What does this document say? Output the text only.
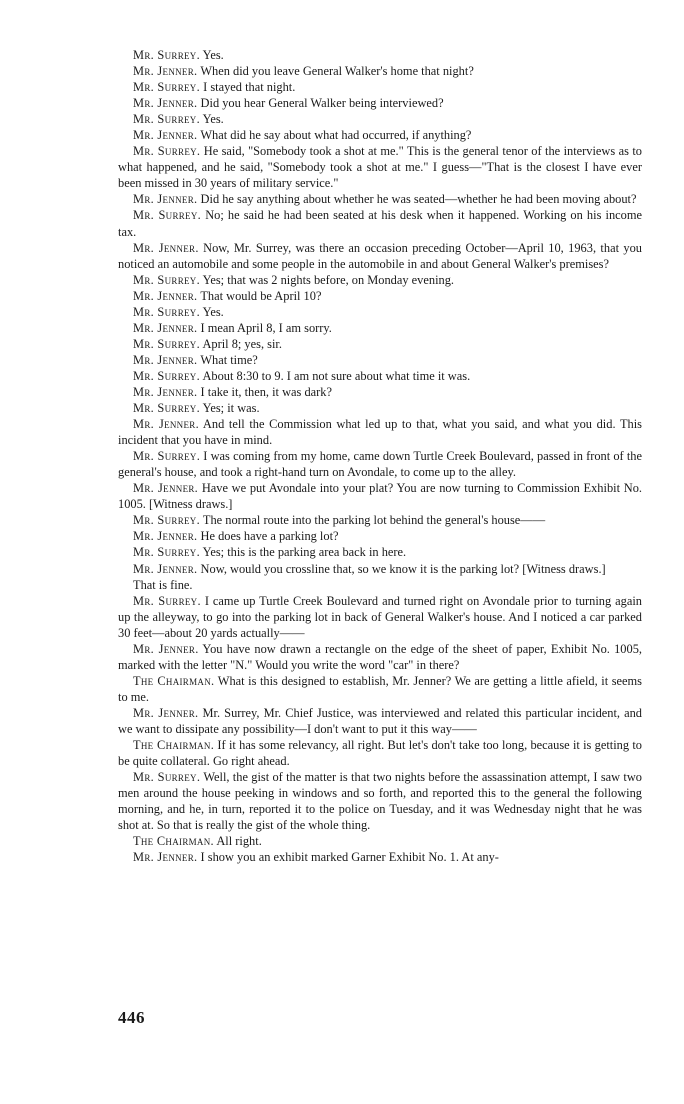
Mr. Surrey. Yes.

Mr. Jenner. When did you leave General Walker's home that night?

Mr. Surrey. I stayed that night.

Mr. Jenner. Did you hear General Walker being interviewed?

Mr. Surrey. Yes.

Mr. Jenner. What did he say about what had occurred, if anything?

Mr. Surrey. He said, "Somebody took a shot at me." This is the general tenor of the interviews as to what happened, and he said, "Somebody took a shot at me." I guess—"That is the closest I have ever been missed in 30 years of military service."

Mr. Jenner. Did he say anything about whether he was seated—whether he had been moving about?

Mr. Surrey. No; he said he had been seated at his desk when it happened. Working on his income tax.

Mr. Jenner. Now, Mr. Surrey, was there an occasion preceding October—April 10, 1963, that you noticed an automobile and some people in the automobile in and about General Walker's premises?

Mr. Surrey. Yes; that was 2 nights before, on Monday evening.

Mr. Jenner. That would be April 10?

Mr. Surrey. Yes.

Mr. Jenner. I mean April 8, I am sorry.

Mr. Surrey. April 8; yes, sir.

Mr. Jenner. What time?

Mr. Surrey. About 8:30 to 9. I am not sure about what time it was.

Mr. Jenner. I take it, then, it was dark?

Mr. Surrey. Yes; it was.

Mr. Jenner. And tell the Commission what led up to that, what you said, and what you did. This incident that you have in mind.

Mr. Surrey. I was coming from my home, came down Turtle Creek Boulevard, passed in front of the general's house, and took a right-hand turn on Avondale, to come up to the alley.

Mr. Jenner. Have we put Avondale into your plat? You are now turning to Commission Exhibit No. 1005. [Witness draws.]

Mr. Surrey. The normal route into the parking lot behind the general's house——

Mr. Jenner. He does have a parking lot?

Mr. Surrey. Yes; this is the parking area back in here.

Mr. Jenner. Now, would you crossline that, so we know it is the parking lot? [Witness draws.]

That is fine.

Mr. Surrey. I came up Turtle Creek Boulevard and turned right on Avondale prior to turning again up the alleyway, to go into the parking lot in back of General Walker's house. And I noticed a car parked 30 feet—about 20 yards actually——

Mr. Jenner. You have now drawn a rectangle on the edge of the sheet of paper, Exhibit No. 1005, marked with the letter "N." Would you write the word "car" in there?

The Chairman. What is this designed to establish, Mr. Jenner? We are getting a little afield, it seems to me.

Mr. Jenner. Mr. Surrey, Mr. Chief Justice, was interviewed and related this particular incident, and we want to dissipate any possibility—I don't want to put it this way——

The Chairman. If it has some relevancy, all right. But let's don't take too long, because it is getting to be quite collateral. Go right ahead.

Mr. Surrey. Well, the gist of the matter is that two nights before the assassination attempt, I saw two men around the house peeking in windows and so forth, and reported this to the general the following morning, and he, in turn, reported it to the police on Tuesday, and it was Wednesday night that he was shot at. So that is really the gist of the whole thing.

The Chairman. All right.

Mr. Jenner. I show you an exhibit marked Garner Exhibit No. 1. At any-

446
